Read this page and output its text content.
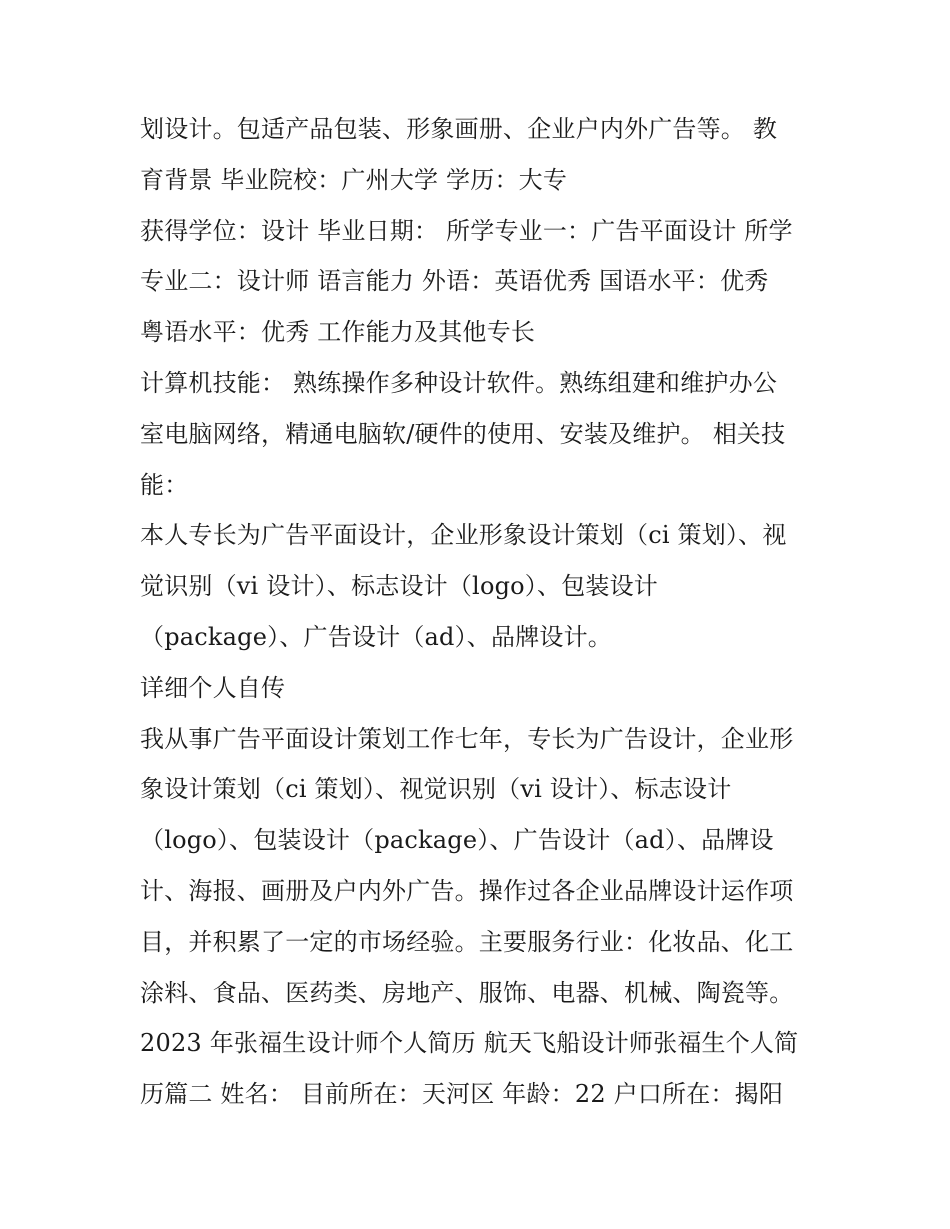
划设计。包适产品包装、形象画册、企业户内外广告等。 教
育背景 毕业院校：广州大学 学历：大专
获得学位：设计 毕业日期： 所学专业一：广告平面设计 所学
专业二：设计师 语言能力 外语：英语优秀 国语水平：优秀
粤语水平：优秀 工作能力及其他专长
计算机技能： 熟练操作多种设计软件。熟练组建和维护办公
室电脑网络，精通电脑软/硬件的使用、安装及维护。 相关技
能：
本人专长为广告平面设计，企业形象设计策划（ci 策划）、视
觉识别（vi 设计）、标志设计（logo）、包装设计
（package）、广告设计（ad）、品牌设计。
详细个人自传
我从事广告平面设计策划工作七年，专长为广告设计，企业形
象设计策划（ci 策划）、视觉识别（vi 设计）、标志设计
（logo）、包装设计（package）、广告设计（ad）、品牌设
计、海报、画册及户内外广告。操作过各企业品牌设计运作项
目，并积累了一定的市场经验。主要服务行业：化妆品、化工
涂料、食品、医药类、房地产、服饰、电器、机械、陶瓷等。
2023 年张福生设计师个人简历 航天飞船设计师张福生个人简
历篇二 姓名： 目前所在：天河区 年龄：22 户口所在：揭阳
